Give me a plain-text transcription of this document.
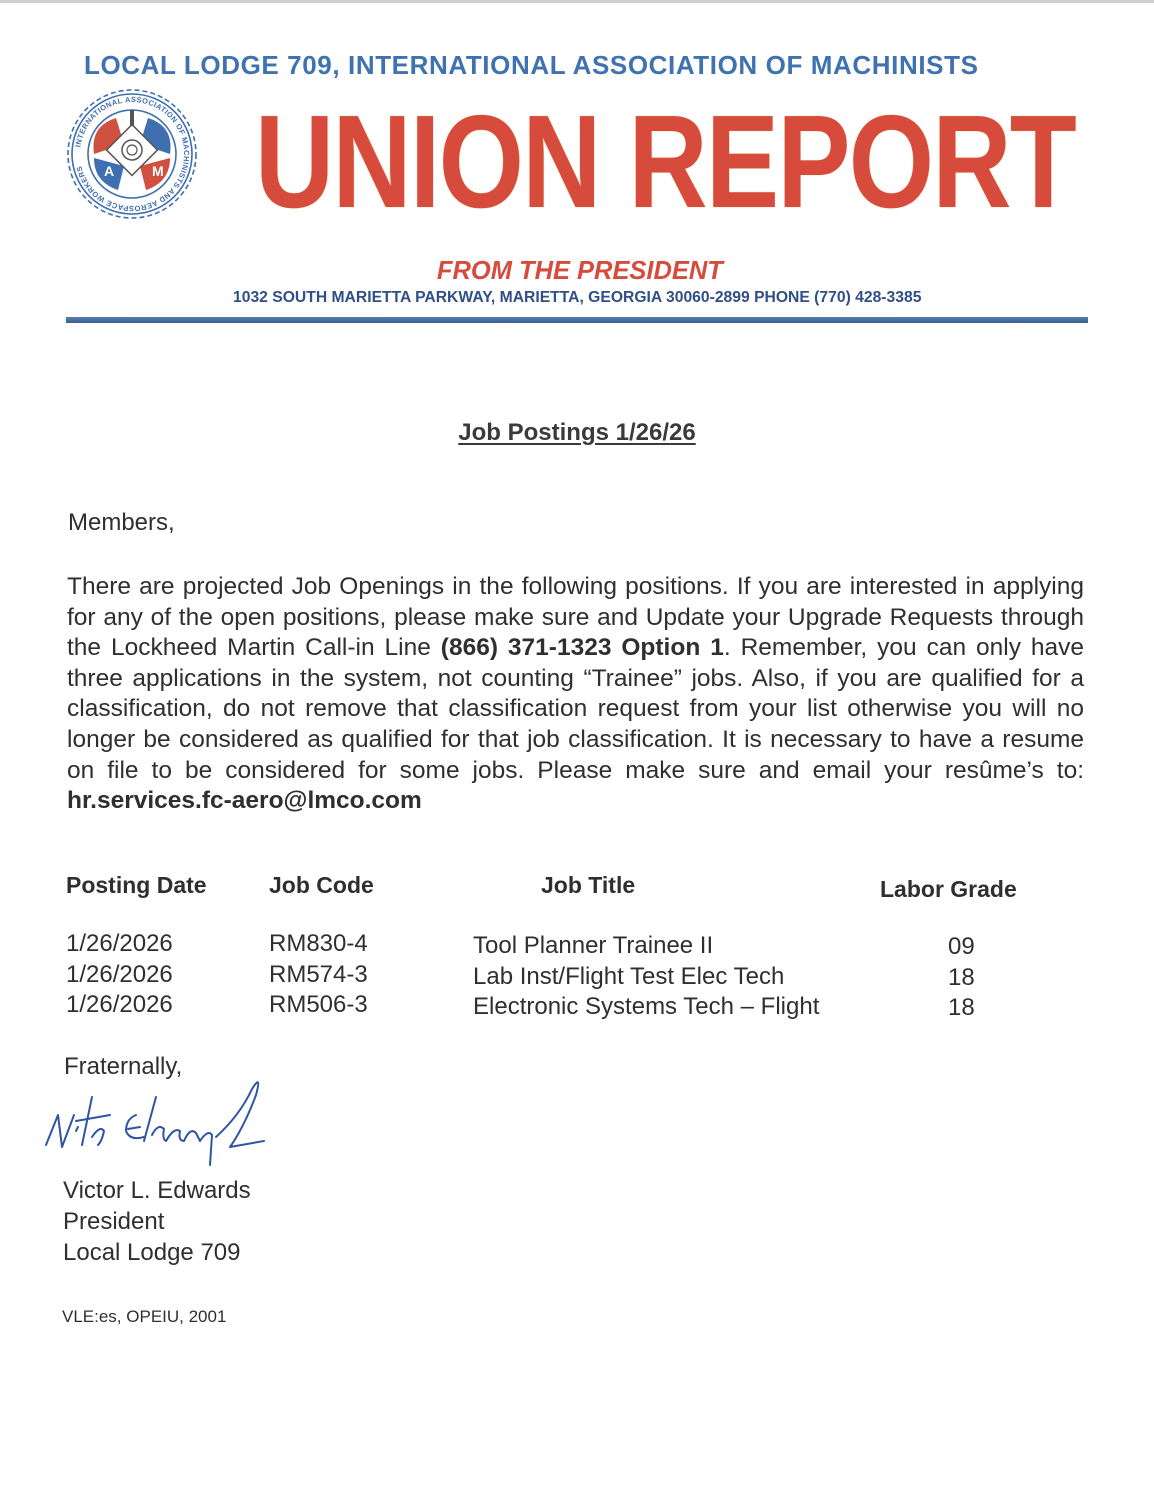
LOCAL LODGE 709, INTERNATIONAL ASSOCIATION OF MACHINISTS
A	M
INTERNATIONAL ASSOCIATION OF MACHINISTS AND AEROSPACE WORKERS	UNION REPORT
FROM THE PRESIDENT
1032 SOUTH MARIETTA PARKWAY, MARIETTA, GEORGIA 30060-2899 PHONE (770) 428-3385
Job Postings 1/26/26
Members,
There are projected Job Openings in the following positions. If you are interested in applying for any of the open positions, please make sure and Update your Upgrade Requests through the Lockheed Martin Call-in Line (866) 371-1323 Option 1. Remember, you can only have three applications in the system, not counting “Trainee” jobs. Also, if you are qualified for a classification, do not remove that classification request from your list otherwise you will no longer be considered as qualified for that job classification. It is necessary to have a resume on file to be considered for some jobs. Please make sure and email your resûme’s to: hr.services.fc-aero@lmco.com
Posting Date	Job Code	Job Title	Labor Grade
1/26/2026	RM830-4	Tool Planner Trainee II	09
1/26/2026	RM574-3	Lab Inst/Flight Test Elec Tech	18
1/26/2026	RM506-3	Electronic Systems Tech – Flight	18
Fraternally,
Victor L. Edwards
President
Local Lodge 709
VLE:es, OPEIU, 2001
